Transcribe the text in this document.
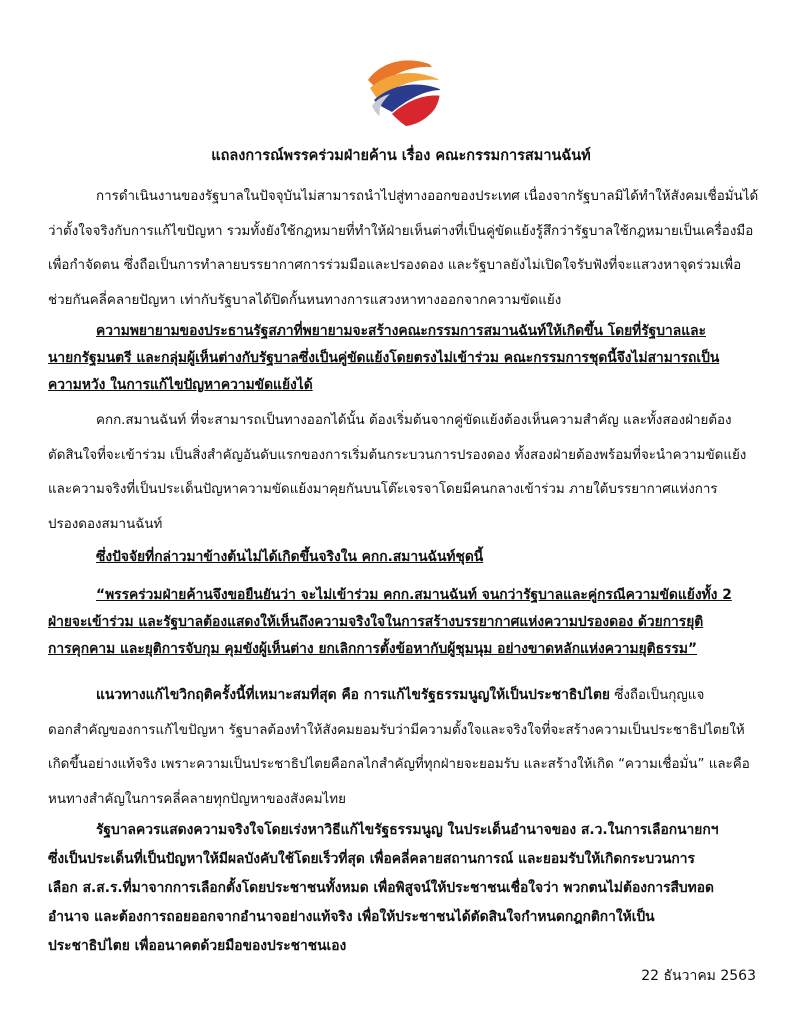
แถลงการณ์พรรคร่วมฝ่ายค้าน เรื่อง คณะกรรมการสมานฉันท์

การดำเนินงานของรัฐบาลในปัจจุบันไม่สามารถนำไปสู่ทางออกของประเทศ เนื่องจากรัฐบาลมิได้ทำให้สังคมเชื่อมั่นได้
ว่าตั้งใจจริงกับการแก้ไขปัญหา รวมทั้งยังใช้กฎหมายที่ทำให้ฝ่ายเห็นต่างที่เป็นคู่ขัดแย้งรู้สึกว่ารัฐบาลใช้กฎหมายเป็นเครื่องมือ
เพื่อกำจัดตน ซึ่งถือเป็นการทำลายบรรยากาศการร่วมมือและปรองดอง และรัฐบาลยังไม่เปิดใจรับฟังที่จะแสวงหาจุดร่วมเพื่อ
ช่วยกันคลี่คลายปัญหา เท่ากับรัฐบาลได้ปิดกั้นหนทางการแสวงหาทางออกจากความขัดแย้ง

ความพยายามของประธานรัฐสภาที่พยายามจะสร้างคณะกรรมการสมานฉันท์ให้เกิดขึ้น โดยที่รัฐบาลและ
นายกรัฐมนตรี และกลุ่มผู้เห็นต่างกับรัฐบาลซึ่งเป็นคู่ขัดแย้งโดยตรงไม่เข้าร่วม คณะกรรมการชุดนี้จึงไม่สามารถเป็น
ความหวัง ในการแก้ไขปัญหาความขัดแย้งได้

คกก.สมานฉันท์ ที่จะสามารถเป็นทางออกได้นั้น ต้องเริ่มต้นจากคู่ขัดแย้งต้องเห็นความสำคัญ และทั้งสองฝ่ายต้อง
ตัดสินใจที่จะเข้าร่วม เป็นสิ่งสำคัญอันดับแรกของการเริ่มต้นกระบวนการปรองดอง ทั้งสองฝ่ายต้องพร้อมที่จะนำความขัดแย้ง
และความจริงที่เป็นประเด็นปัญหาความขัดแย้งมาคุยกันบนโต๊ะเจรจาโดยมีคนกลางเข้าร่วม ภายใต้บรรยากาศแห่งการ
ปรองดองสมานฉันท์

ซึ่งปัจจัยที่กล่าวมาข้างต้นไม่ได้เกิดขึ้นจริงใน คกก.สมานฉันท์ชุดนี้

“พรรคร่วมฝ่ายค้านจึงขอยืนยันว่า จะไม่เข้าร่วม คกก.สมานฉันท์ จนกว่ารัฐบาลและคู่กรณีความขัดแย้งทั้ง 2
ฝ่ายจะเข้าร่วม และรัฐบาลต้องแสดงให้เห็นถึงความจริงใจในการสร้างบรรยากาศแห่งความปรองดอง ด้วยการยุติ
การคุกคาม และยุติการจับกุม คุมขังผู้เห็นต่าง ยกเลิกการตั้งข้อหากับผู้ชุมนุม อย่างขาดหลักแห่งความยุติธรรม”

แนวทางแก้ไขวิกฤติครั้งนี้ที่เหมาะสมที่สุด คือ การแก้ไขรัฐธรรมนูญให้เป็นประชาธิปไตย ซึ่งถือเป็นกุญแจ
ดอกสำคัญของการแก้ไขปัญหา รัฐบาลต้องทำให้สังคมยอมรับว่ามีความตั้งใจและจริงใจที่จะสร้างความเป็นประชาธิปไตยให้
เกิดขึ้นอย่างแท้จริง เพราะความเป็นประชาธิปไตยคือกลไกสำคัญที่ทุกฝ่ายจะยอมรับ และสร้างให้เกิด “ความเชื่อมั่น” และคือ
หนทางสำคัญในการคลี่คลายทุกปัญหาของสังคมไทย

รัฐบาลควรแสดงความจริงใจโดยเร่งหาวิธีแก้ไขรัฐธรรมนูญ ในประเด็นอำนาจของ ส.ว.ในการเลือกนายกฯ
ซึ่งเป็นประเด็นที่เป็นปัญหาให้มีผลบังคับใช้โดยเร็วที่สุด เพื่อคลี่คลายสถานการณ์ และยอมรับให้เกิดกระบวนการ
เลือก ส.ส.ร.ที่มาจากการเลือกตั้งโดยประชาชนทั้งหมด เพื่อพิสูจน์ให้ประชาชนเชื่อใจว่า พวกตนไม่ต้องการสืบทอด
อำนาจ และต้องการถอยออกจากอำนาจอย่างแท้จริง เพื่อให้ประชาชนได้ตัดสินใจกำหนดกฎกติกาให้เป็น
ประชาธิปไตย เพื่ออนาคตด้วยมือของประชาชนเอง

22 ธันวาคม 2563
